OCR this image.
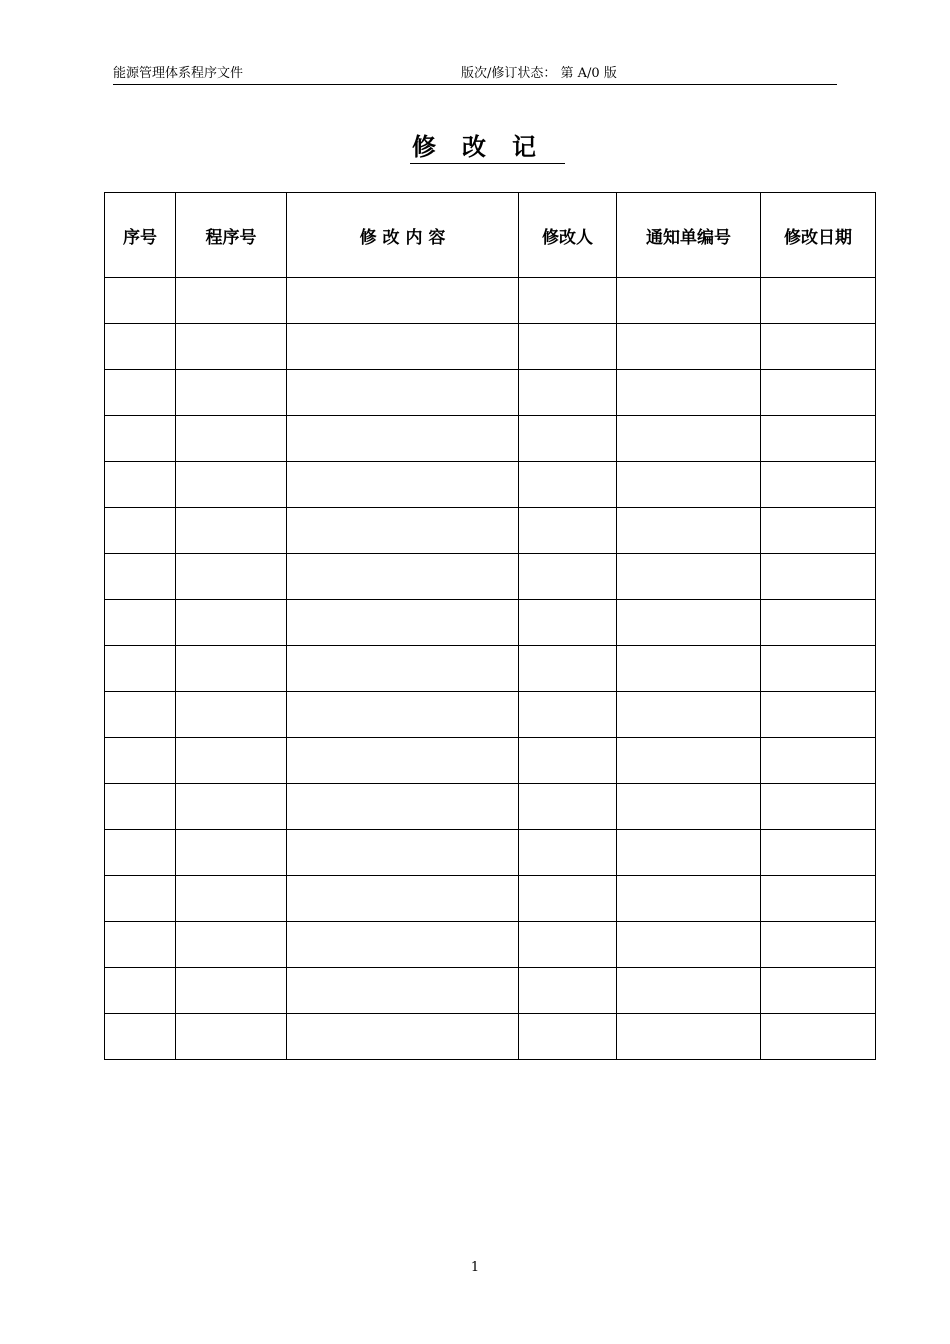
能源管理体系程序文件	版次/修订状态： 第 A/0 版
修改记
序号	程序号	修 改 内 容	修改人	通知单编号	修改日期

1
